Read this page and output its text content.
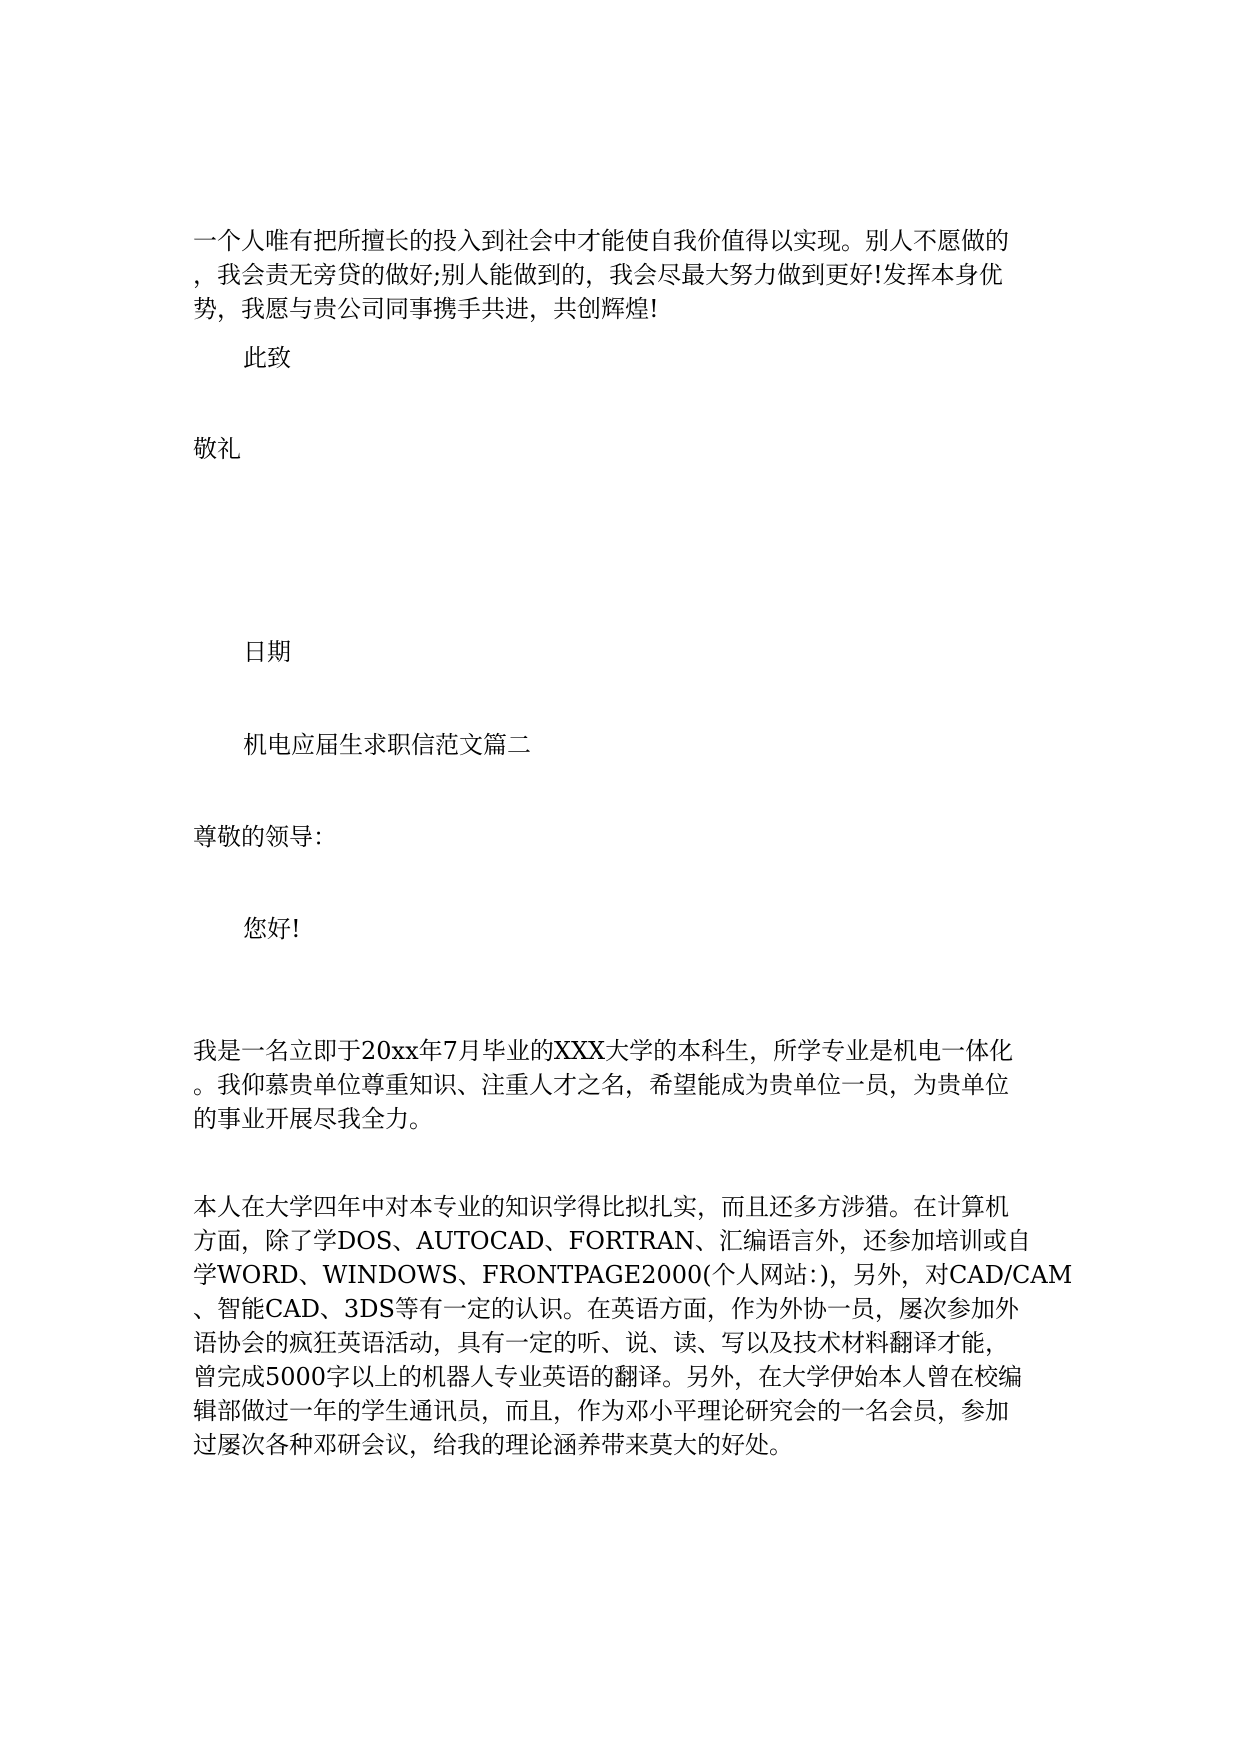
一个人唯有把所擅长的投入到社会中才能使自我价值得以实现。别人不愿做的
，我会责无旁贷的做好;别人能做到的，我会尽最大努力做到更好!发挥本身优
势，我愿与贵公司同事携手共进，共创辉煌!
此致
敬礼
日期
机电应届生求职信范文篇二
尊敬的领导：
您好!
我是一名立即于20xx年7月毕业的XXX大学的本科生，所学专业是机电一体化
。我仰慕贵单位尊重知识、注重人才之名，希望能成为贵单位一员，为贵单位
的事业开展尽我全力。
本人在大学四年中对本专业的知识学得比拟扎实，而且还多方涉猎。在计算机
方面，除了学DOS、AUTOCAD、FORTRAN、汇编语言外，还参加培训或自
学WORD、WINDOWS、FRONTPAGE2000(个人网站：)，另外，对CAD/CAM
、智能CAD、3DS等有一定的认识。在英语方面，作为外协一员，屡次参加外
语协会的疯狂英语活动，具有一定的听、说、读、写以及技术材料翻译才能，
曾完成5000字以上的机器人专业英语的翻译。另外，在大学伊始本人曾在校编
辑部做过一年的学生通讯员，而且，作为邓小平理论研究会的一名会员，参加
过屡次各种邓研会议，给我的理论涵养带来莫大的好处。
